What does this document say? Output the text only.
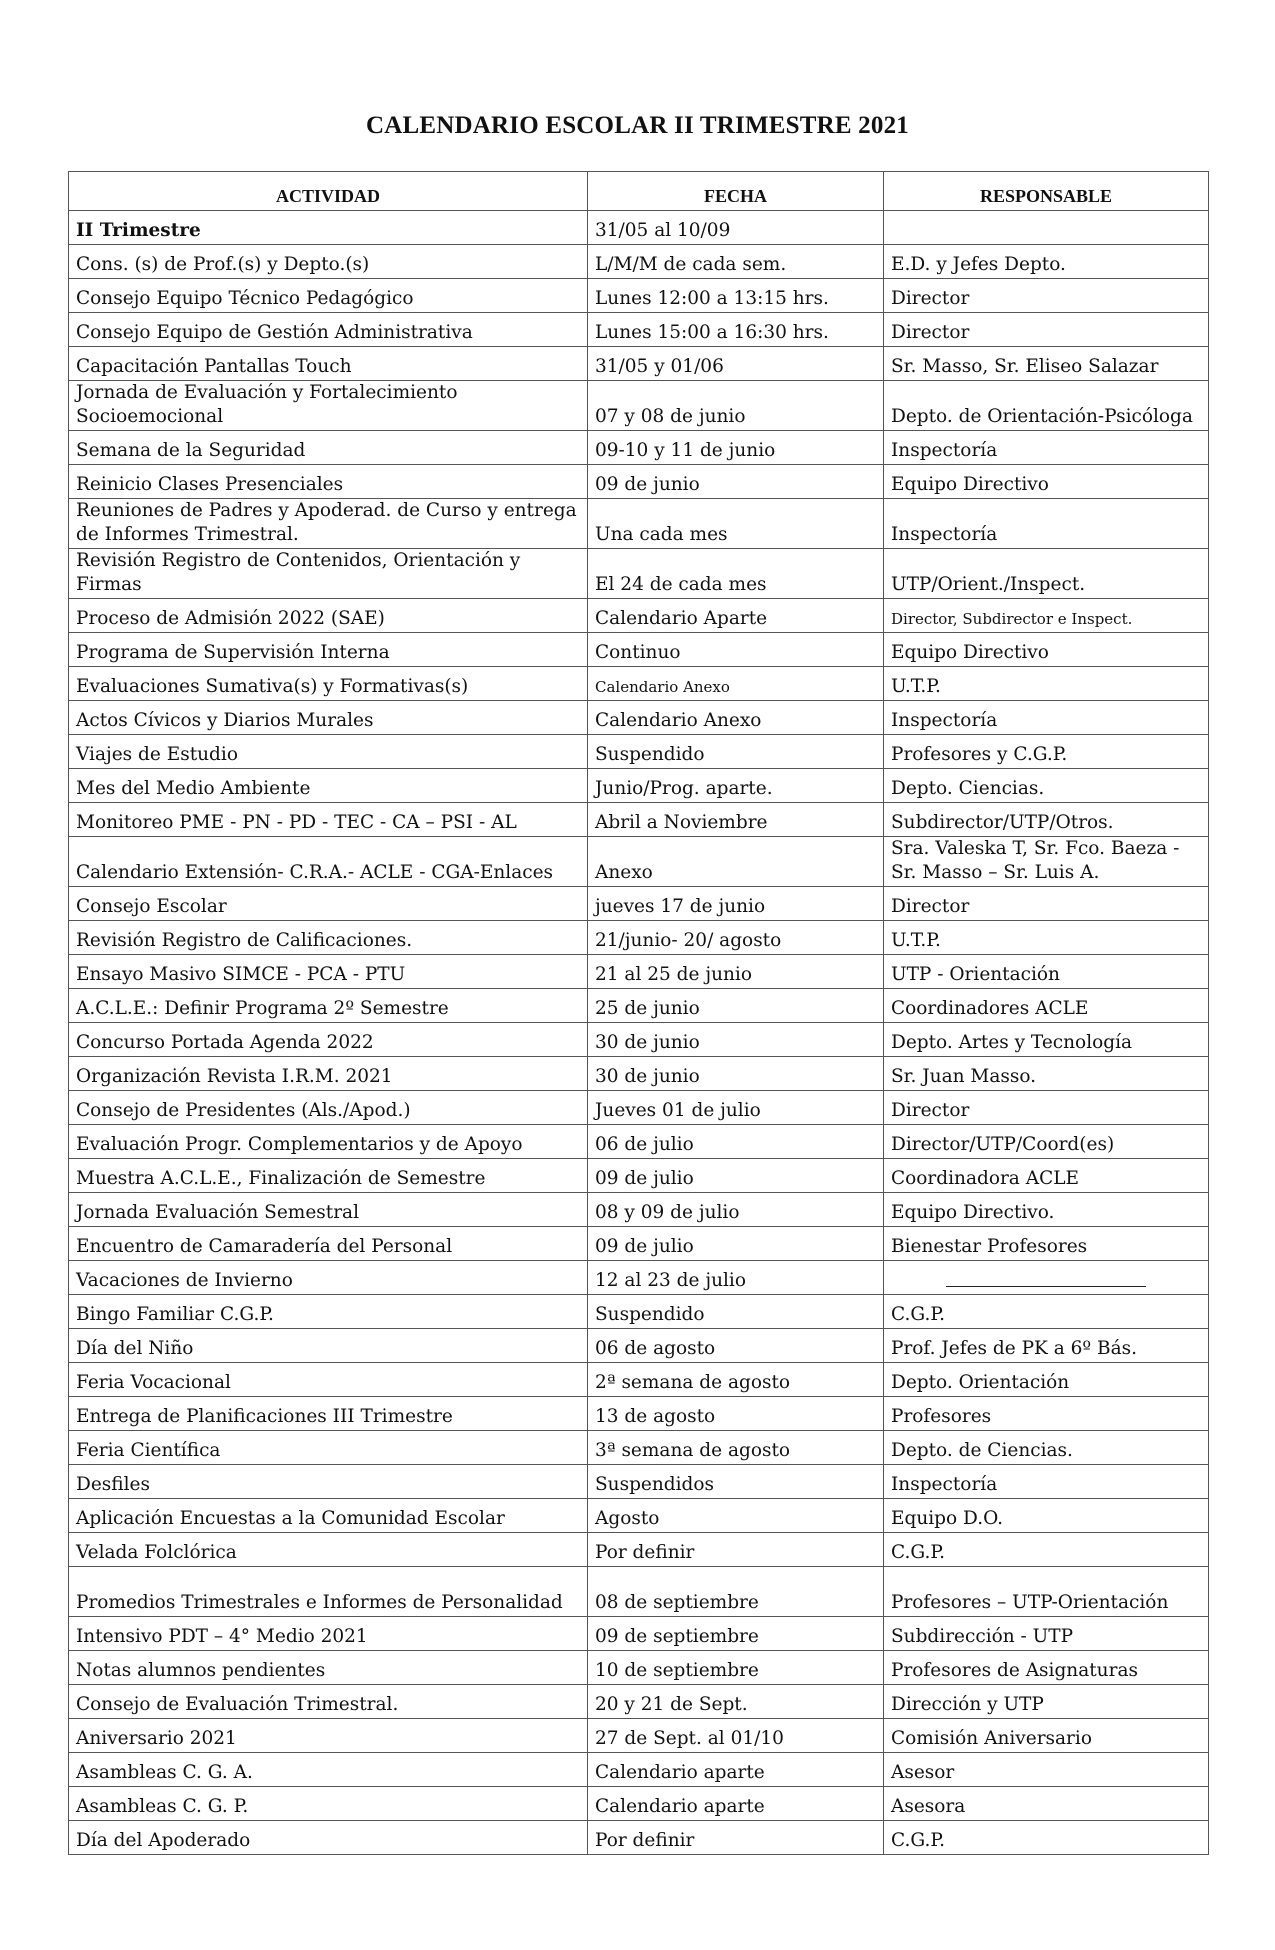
CALENDARIO ESCOLAR II TRIMESTRE 2021
ACTIVIDAD	FECHA	RESPONSABLE
II Trimestre	31/05 al 10/09	
Cons. (s) de Prof.(s) y Depto.(s)	L/M/M de cada sem.	E.D. y Jefes Depto.
Consejo Equipo Técnico Pedagógico	Lunes 12:00 a 13:15 hrs.	Director
Consejo Equipo de Gestión Administrativa	Lunes 15:00 a 16:30 hrs.	Director
Capacitación Pantallas Touch	31/05 y 01/06	Sr. Masso, Sr. Eliseo Salazar
Jornada de Evaluación y Fortalecimiento Socioemocional	07 y 08 de junio	Depto. de Orientación-Psicóloga
Semana de la Seguridad	09-10 y 11 de junio	Inspectoría
Reinicio Clases Presenciales	09 de junio	Equipo Directivo
Reuniones de Padres y Apoderad. de Curso y entrega de Informes Trimestral.	Una cada mes	Inspectoría
Revisión Registro de Contenidos, Orientación y Firmas	El 24 de cada mes	UTP/Orient./Inspect.
Proceso de Admisión 2022 (SAE)	Calendario Aparte	Director, Subdirector e Inspect.
Programa de Supervisión Interna	Continuo	Equipo Directivo
Evaluaciones Sumativa(s) y Formativas(s)	Calendario Anexo	U.T.P.
Actos Cívicos y Diarios Murales	Calendario Anexo	Inspectoría
Viajes de Estudio	Suspendido	Profesores y C.G.P.
Mes del Medio Ambiente	Junio/Prog. aparte.	Depto. Ciencias.
Monitoreo PME - PN - PD - TEC - CA – PSI - AL	Abril a Noviembre	Subdirector/UTP/Otros.
Calendario Extensión- C.R.A.- ACLE - CGA-Enlaces	Anexo	Sra. Valeska T, Sr. Fco. Baeza - Sr. Masso – Sr. Luis A.
Consejo Escolar	jueves 17 de junio	Director
Revisión Registro de Calificaciones.	21/junio- 20/ agosto	U.T.P.
Ensayo Masivo SIMCE - PCA - PTU	21 al 25 de junio	UTP - Orientación
A.C.L.E.: Definir Programa 2º Semestre	25 de junio	Coordinadores ACLE
Concurso Portada Agenda 2022	30 de junio	Depto. Artes y Tecnología
Organización Revista I.R.M. 2021	30 de junio	Sr. Juan Masso.
Consejo de Presidentes (Als./Apod.)	Jueves 01 de julio	Director
Evaluación Progr. Complementarios y de Apoyo	06 de julio	Director/UTP/Coord(es)
Muestra A.C.L.E., Finalización de Semestre	09 de julio	Coordinadora ACLE
Jornada Evaluación Semestral	08 y 09 de julio	Equipo Directivo.
Encuentro de Camaradería del Personal	09 de julio	Bienestar Profesores
Vacaciones de Invierno	12 al 23 de julio	

Bingo Familiar C.G.P.	Suspendido	C.G.P.
Día del Niño	06 de agosto	Prof. Jefes de PK a 6º Bás.
Feria Vocacional	2ª semana de agosto	Depto. Orientación
Entrega de Planificaciones III Trimestre	13 de agosto	Profesores
Feria Científica	3ª semana de agosto	Depto. de Ciencias.
Desfiles	Suspendidos	Inspectoría
Aplicación Encuestas a la Comunidad Escolar	Agosto	Equipo D.O.
Velada Folclórica	Por definir	C.G.P.
Promedios Trimestrales e Informes de Personalidad	08 de septiembre	Profesores – UTP-Orientación
Intensivo PDT – 4° Medio 2021	09 de septiembre	Subdirección - UTP
Notas alumnos pendientes	10 de septiembre	Profesores de Asignaturas
Consejo de Evaluación Trimestral.	20 y 21 de Sept.	Dirección y UTP
Aniversario 2021	27 de Sept. al 01/10	Comisión Aniversario
Asambleas C. G. A.	Calendario aparte	Asesor
Asambleas C. G. P.	Calendario aparte	Asesora
Día del Apoderado	Por definir	C.G.P.
